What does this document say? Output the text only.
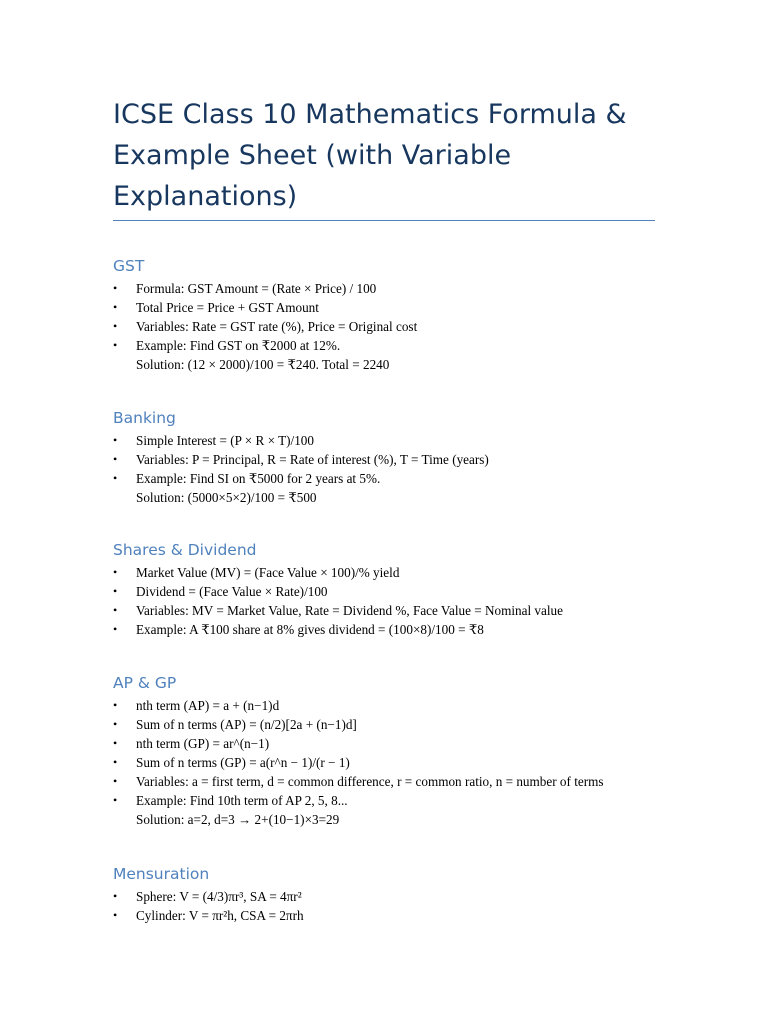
ICSE Class 10 Mathematics Formula & Example Sheet (with Variable Explanations)
GST
• Formula: GST Amount = (Rate × Price) / 100
• Total Price = Price + GST Amount
• Variables: Rate = GST rate (%), Price = Original cost
• Example: Find GST on ₹2000 at 12%.
Solution: (12 × 2000)/100 = ₹240. Total = 2240
Banking
• Simple Interest = (P × R × T)/100
• Variables: P = Principal, R = Rate of interest (%), T = Time (years)
• Example: Find SI on ₹5000 for 2 years at 5%.
Solution: (5000×5×2)/100 = ₹500
Shares & Dividend
• Market Value (MV) = (Face Value × 100)/% yield
• Dividend = (Face Value × Rate)/100
• Variables: MV = Market Value, Rate = Dividend %, Face Value = Nominal value
• Example: A ₹100 share at 8% gives dividend = (100×8)/100 = ₹8
AP & GP
• nth term (AP) = a + (n−1)d
• Sum of n terms (AP) = (n/2)[2a + (n−1)d]
• nth term (GP) = ar^(n−1)
• Sum of n terms (GP) = a(r^n − 1)/(r − 1)
• Variables: a = first term, d = common difference, r = common ratio, n = number of terms
• Example: Find 10th term of AP 2, 5, 8...
Solution: a=2, d=3 → 2+(10−1)×3=29
Mensuration
• Sphere: V = (4/3)πr³, SA = 4πr²
• Cylinder: V = πr²h, CSA = 2πrh
